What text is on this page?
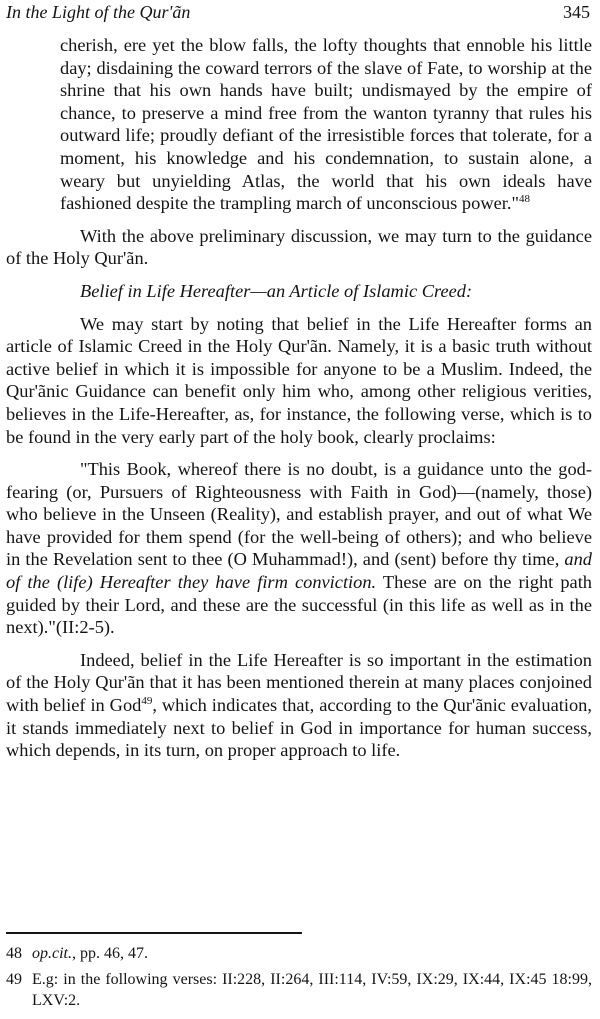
In the Light of the Qur'ãn	345

cherish, ere yet the blow falls, the lofty thoughts that ennoble his little day; disdaining the coward terrors of the slave of Fate, to worship at the shrine that his own hands have built; undismayed by the empire of chance, to preserve a mind free from the wanton tyranny that rules his outward life; proudly defiant of the irresistible forces that tolerate, for a moment, his knowledge and his condemnation, to sustain alone, a weary but unyielding Atlas, the world that his own ideals have fashioned despite the trampling march of unconscious power."$^{48}$

With the above preliminary discussion, we may turn to the guidance of the Holy Qur'ãn.

Belief in Life Hereafter—an Article of Islamic Creed:

We may start by noting that belief in the Life Hereafter forms an article of Islamic Creed in the Holy Qur'ãn. Namely, it is a basic truth without active belief in which it is impossible for anyone to be a Muslim. Indeed, the Qur'ãnic Guidance can benefit only him who, among other religious verities, believes in the Life-Hereafter, as, for instance, the following verse, which is to be found in the very early part of the holy book, clearly proclaims:

"This Book, whereof there is no doubt, is a guidance unto the god-fearing (or, Pursuers of Righteousness with Faith in God)—(namely, those) who believe in the Unseen (Reality), and establish prayer, and out of what We have provided for them spend (for the well-being of others); and who believe in the Revelation sent to thee (O Muhammad!), and (sent) before thy time, and of the (life) Hereafter they have firm conviction. These are on the right path guided by their Lord, and these are the successful (in this life as well as in the next)."(II:2-5).

Indeed, belief in the Life Hereafter is so important in the estimation of the Holy Qur'ãn that it has been mentioned therein at many places conjoined with belief in God$^{49}$, which indicates that, according to the Qur'ãnic evaluation, it stands immediately next to belief in God in importance for human success, which depends, in its turn, on proper approach to life.

48 op.cit., pp. 46, 47.
49 E.g: in the following verses: II:228, II:264, III:114, IV:59, IX:29, IX:44, IX:45 18:99, LXV:2.
